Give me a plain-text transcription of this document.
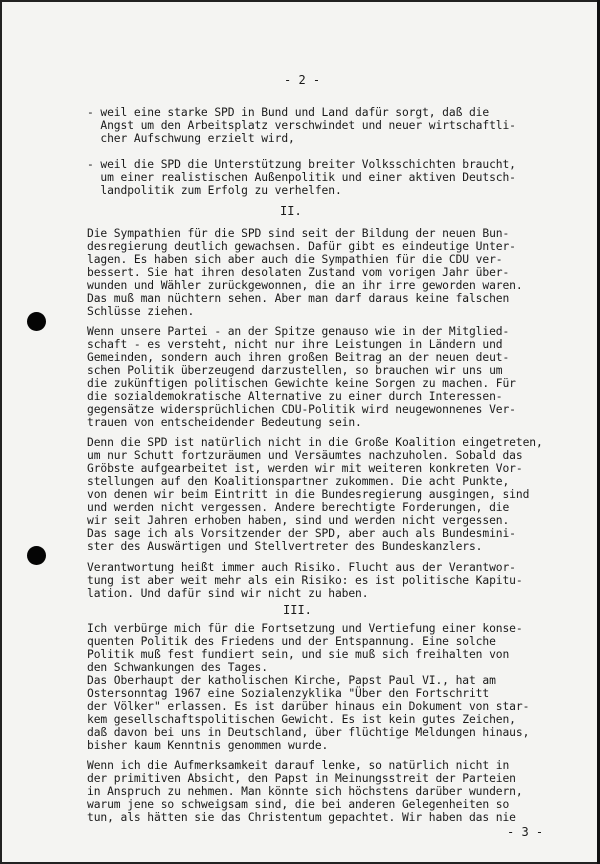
- 2 -
- weil eine starke SPD in Bund und Land dafür sorgt, daß die
Angst um den Arbeitsplatz verschwindet und neuer wirtschaftli-
cher Aufschwung erzielt wird,
- weil die SPD die Unterstützung breiter Volksschichten braucht,
um einer realistischen Außenpolitik und einer aktiven Deutsch-
landpolitik zum Erfolg zu verhelfen.
II.
Die Sympathien für die SPD sind seit der Bildung der neuen Bun-
desregierung deutlich gewachsen. Dafür gibt es eindeutige Unter-
lagen. Es haben sich aber auch die Sympathien für die CDU ver-
bessert. Sie hat ihren desolaten Zustand vom vorigen Jahr über-
wunden und Wähler zurückgewonnen, die an ihr irre geworden waren.
Das muß man nüchtern sehen. Aber man darf daraus keine falschen
Schlüsse ziehen.
Wenn unsere Partei - an der Spitze genauso wie in der Mitglied-
schaft - es versteht, nicht nur ihre Leistungen in Ländern und
Gemeinden, sondern auch ihren großen Beitrag an der neuen deut-
schen Politik überzeugend darzustellen, so brauchen wir uns um
die zukünftigen politischen Gewichte keine Sorgen zu machen. Für
die sozialdemokratische Alternative zu einer durch Interessen-
gegensätze widersprüchlichen CDU-Politik wird neugewonnenes Ver-
trauen von entscheidender Bedeutung sein.
Denn die SPD ist natürlich nicht in die Große Koalition eingetreten,
um nur Schutt fortzuräumen und Versäumtes nachzuholen. Sobald das
Gröbste aufgearbeitet ist, werden wir mit weiteren konkreten Vor-
stellungen auf den Koalitionspartner zukommen. Die acht Punkte,
von denen wir beim Eintritt in die Bundesregierung ausgingen, sind
und werden nicht vergessen. Andere berechtigte Forderungen, die
wir seit Jahren erhoben haben, sind und werden nicht vergessen.
Das sage ich als Vorsitzender der SPD, aber auch als Bundesmini-
ster des Auswärtigen und Stellvertreter des Bundeskanzlers.
Verantwortung heißt immer auch Risiko. Flucht aus der Verantwor-
tung ist aber weit mehr als ein Risiko: es ist politische Kapitu-
lation. Und dafür sind wir nicht zu haben.
III.
Ich verbürge mich für die Fortsetzung und Vertiefung einer konse-
quenten Politik des Friedens und der Entspannung. Eine solche
Politik muß fest fundiert sein, und sie muß sich freihalten von
den Schwankungen des Tages.
Das Oberhaupt der katholischen Kirche, Papst Paul VI., hat am
Ostersonntag 1967 eine Sozialenzyklika "Über den Fortschritt
der Völker" erlassen. Es ist darüber hinaus ein Dokument von star-
kem gesellschaftspolitischen Gewicht. Es ist kein gutes Zeichen,
daß davon bei uns in Deutschland, über flüchtige Meldungen hinaus,
bisher kaum Kenntnis genommen wurde.
Wenn ich die Aufmerksamkeit darauf lenke, so natürlich nicht in
der primitiven Absicht, den Papst in Meinungsstreit der Parteien
in Anspruch zu nehmen. Man könnte sich höchstens darüber wundern,
warum jene so schweigsam sind, die bei anderen Gelegenheiten so
tun, als hätten sie das Christentum gepachtet. Wir haben das nie
- 3 -
